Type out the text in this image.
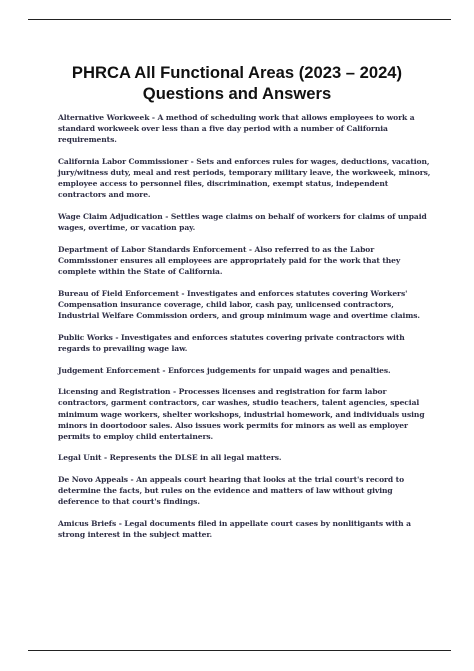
PHRCA All Functional Areas (2023 – 2024)
Questions and Answers

Alternative Workweek - A method of scheduling work that allows employees to work a standard workweek over less than a five day period with a number of California requirements.

California Labor Commissioner - Sets and enforces rules for wages, deductions, vacation, jury/witness duty, meal and rest periods, temporary military leave, the workweek, minors, employee access to personnel files, discrimination, exempt status, independent contractors and more.

Wage Claim Adjudication - Settles wage claims on behalf of workers for claims of unpaid wages, overtime, or vacation pay.

Department of Labor Standards Enforcement - Also referred to as the Labor Commissioner ensures all employees are appropriately paid for the work that they complete within the State of California.

Bureau of Field Enforcement - Investigates and enforces statutes covering Workers' Compensation insurance coverage, child labor, cash pay, unlicensed contractors, Industrial Welfare Commission orders, and group minimum wage and overtime claims.

Public Works - Investigates and enforces statutes covering private contractors with regards to prevailing wage law.

Judgement Enforcement - Enforces judgements for unpaid wages and penalties.

Licensing and Registration - Processes licenses and registration for farm labor contractors, garment contractors, car washes, studio teachers, talent agencies, special minimum wage workers, shelter workshops, industrial homework, and individuals using minors in doortodoor sales. Also issues work permits for minors as well as employer permits to employ child entertainers.

Legal Unit - Represents the DLSE in all legal matters.

De Novo Appeals - An appeals court hearing that looks at the trial court's record to determine the facts, but rules on the evidence and matters of law without giving deference to that court's findings.

Amicus Briefs - Legal documents filed in appellate court cases by nonlitigants with a strong interest in the subject matter.
